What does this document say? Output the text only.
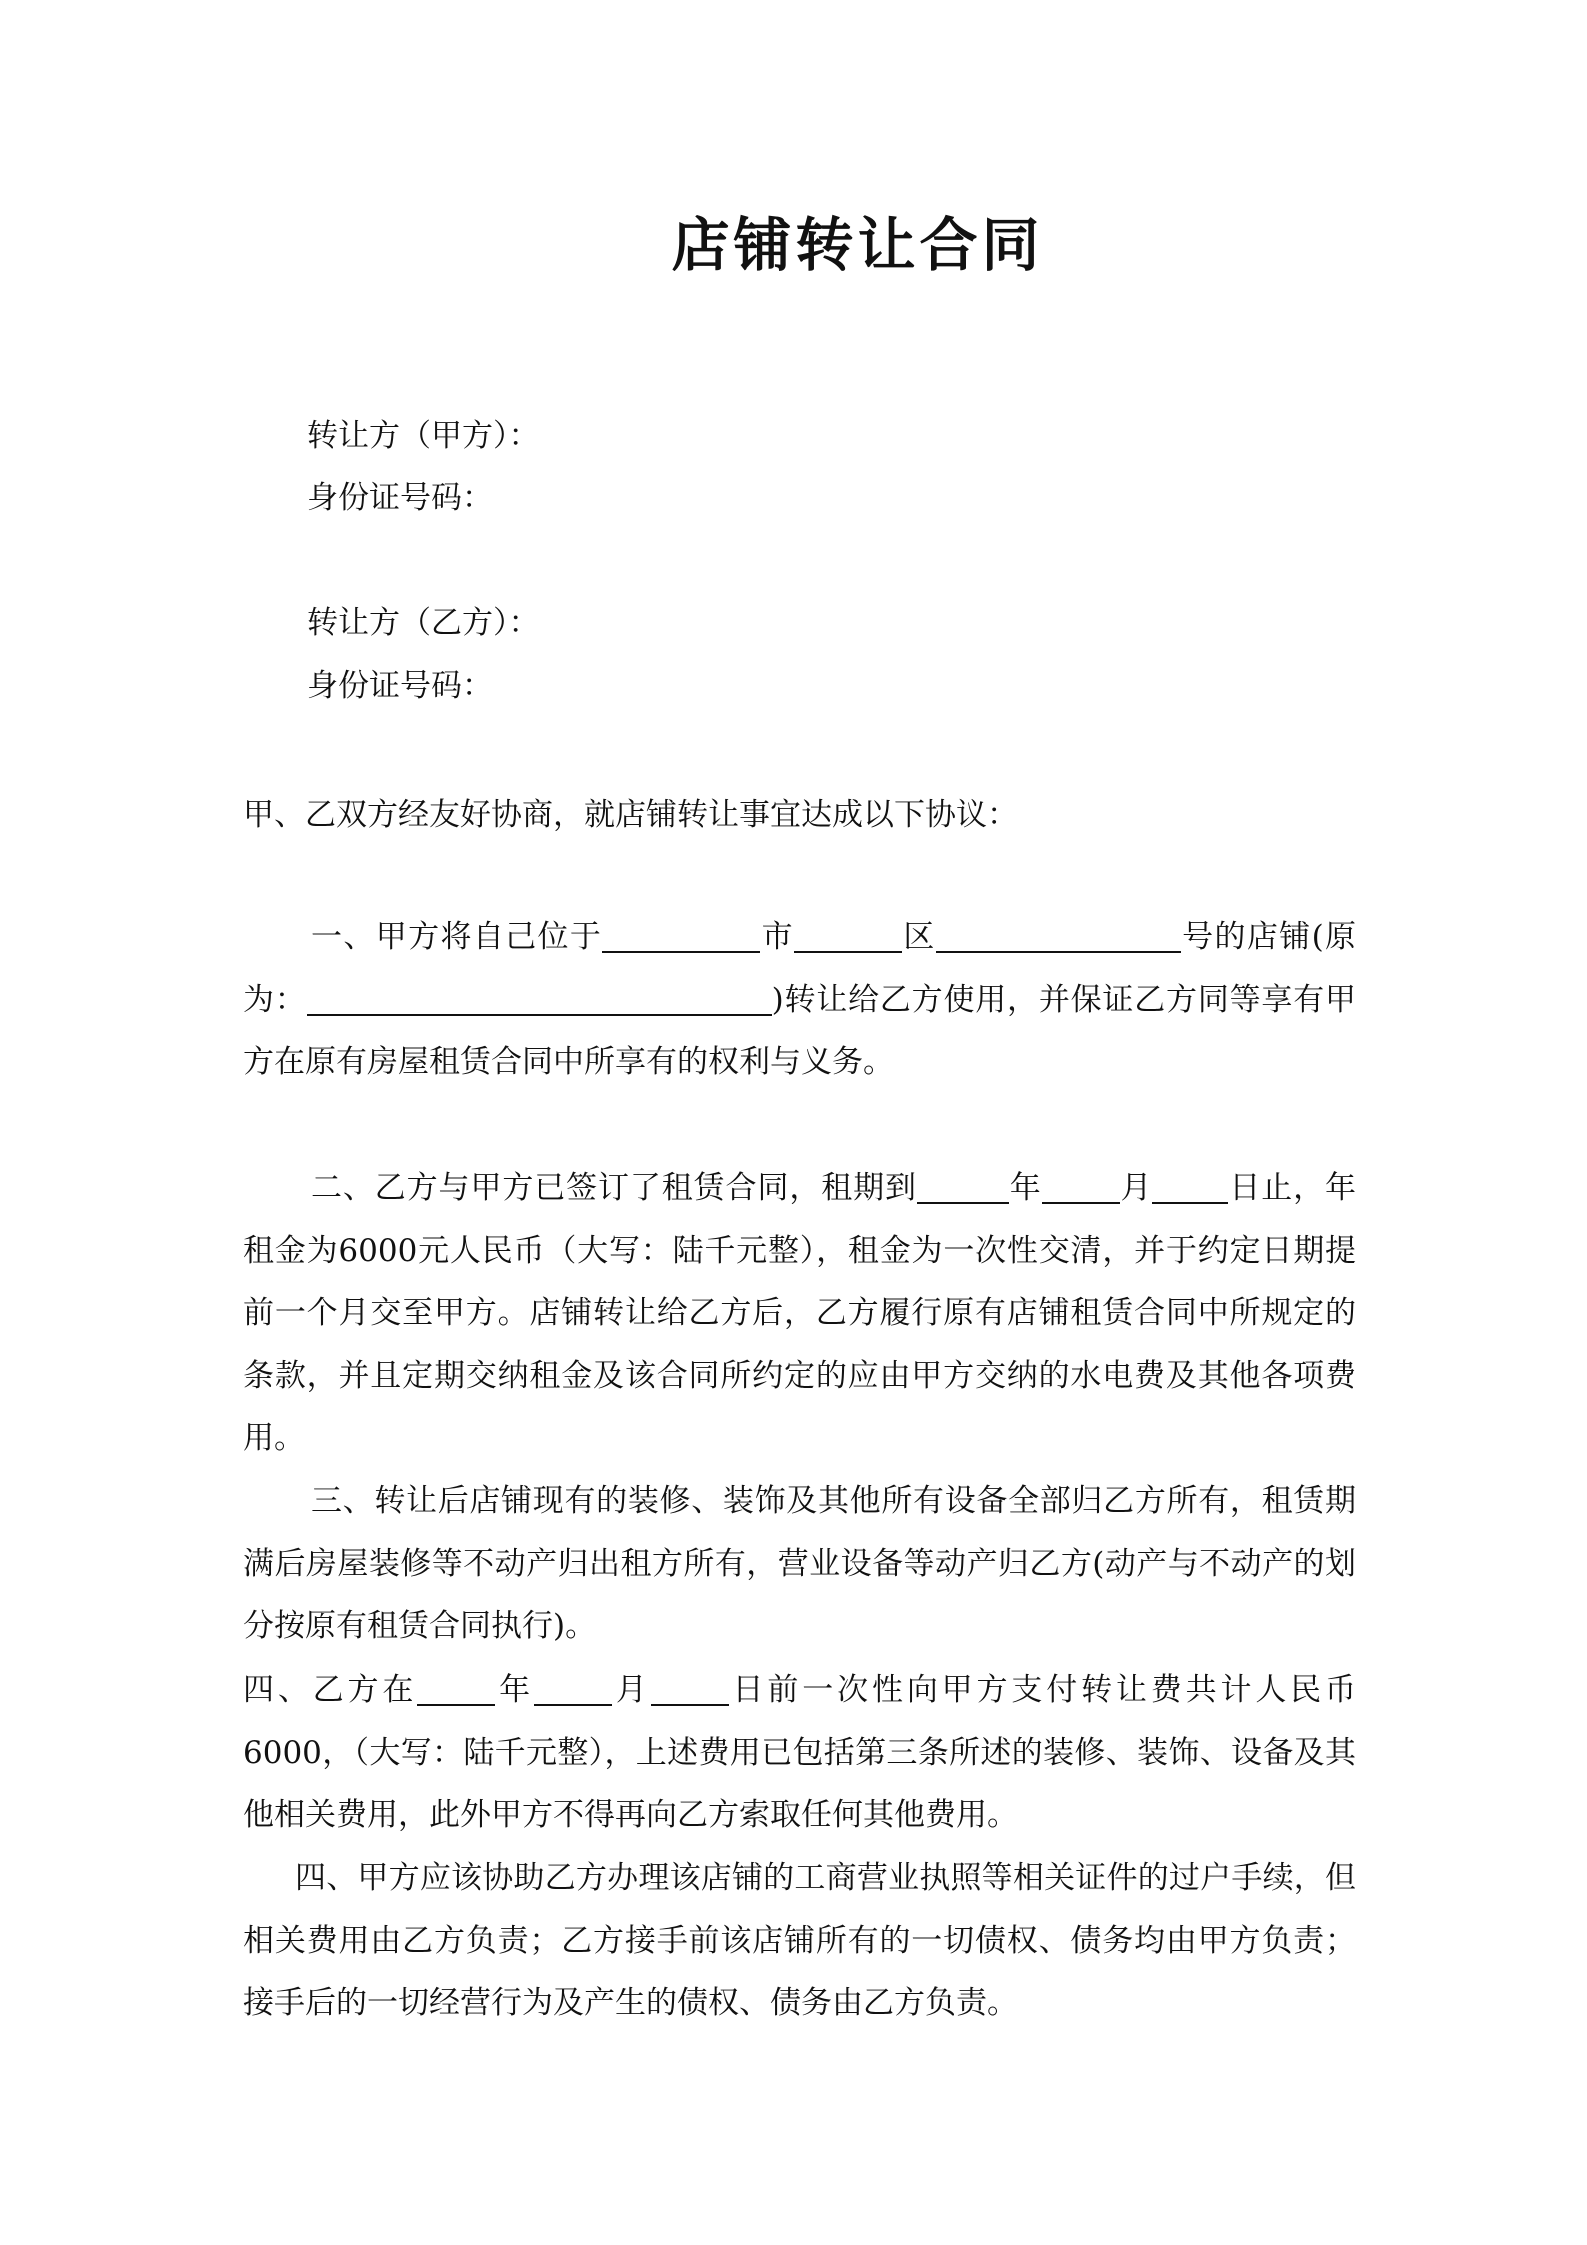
店铺转让合同
转让方（甲方）：
身份证号码：
转让方（乙方）：
身份证号码：
甲、乙双方经友好协商，就店铺转让事宜达成以下协议：
一、甲方将自己位于	市	区	号的店铺(原为：	)转让给乙方使用，并保证乙方同等享有甲方在原有房屋租赁合同中所享有的权利与义务。
二、乙方与甲方已签订了租赁合同，租期到	年	月 日止，年租金为6000元人民币（大写：陆千元整），租金为一次性交清，并于约定日期提前一个月交至甲方。店铺转让给乙方后，乙方履行原有店铺租赁合同中所规定的条款，并且定期交纳租金及该合同所约定的应由甲方交纳的水电费及其他各项费用。
三、转让后店铺现有的装修、装饰及其他所有设备全部归乙方所有，租赁期满后房屋装修等不动产归出租方所有，营业设备等动产归乙方(动产与不动产的划分按原有租赁合同执行)。
四、乙方在	年	月	日前一次性向甲方支付转让费共计人民币6000，（大写：陆千元整），上述费用已包括第三条所述的装修、装饰、设备及其他相关费用，此外甲方不得再向乙方索取任何其他费用。
四、甲方应该协助乙方办理该店铺的工商营业执照等相关证件的过户手续，但相关费用由乙方负责；乙方接手前该店铺所有的一切债权、债务均由甲方负责；接手后的一切经营行为及产生的债权、债务由乙方负责。
